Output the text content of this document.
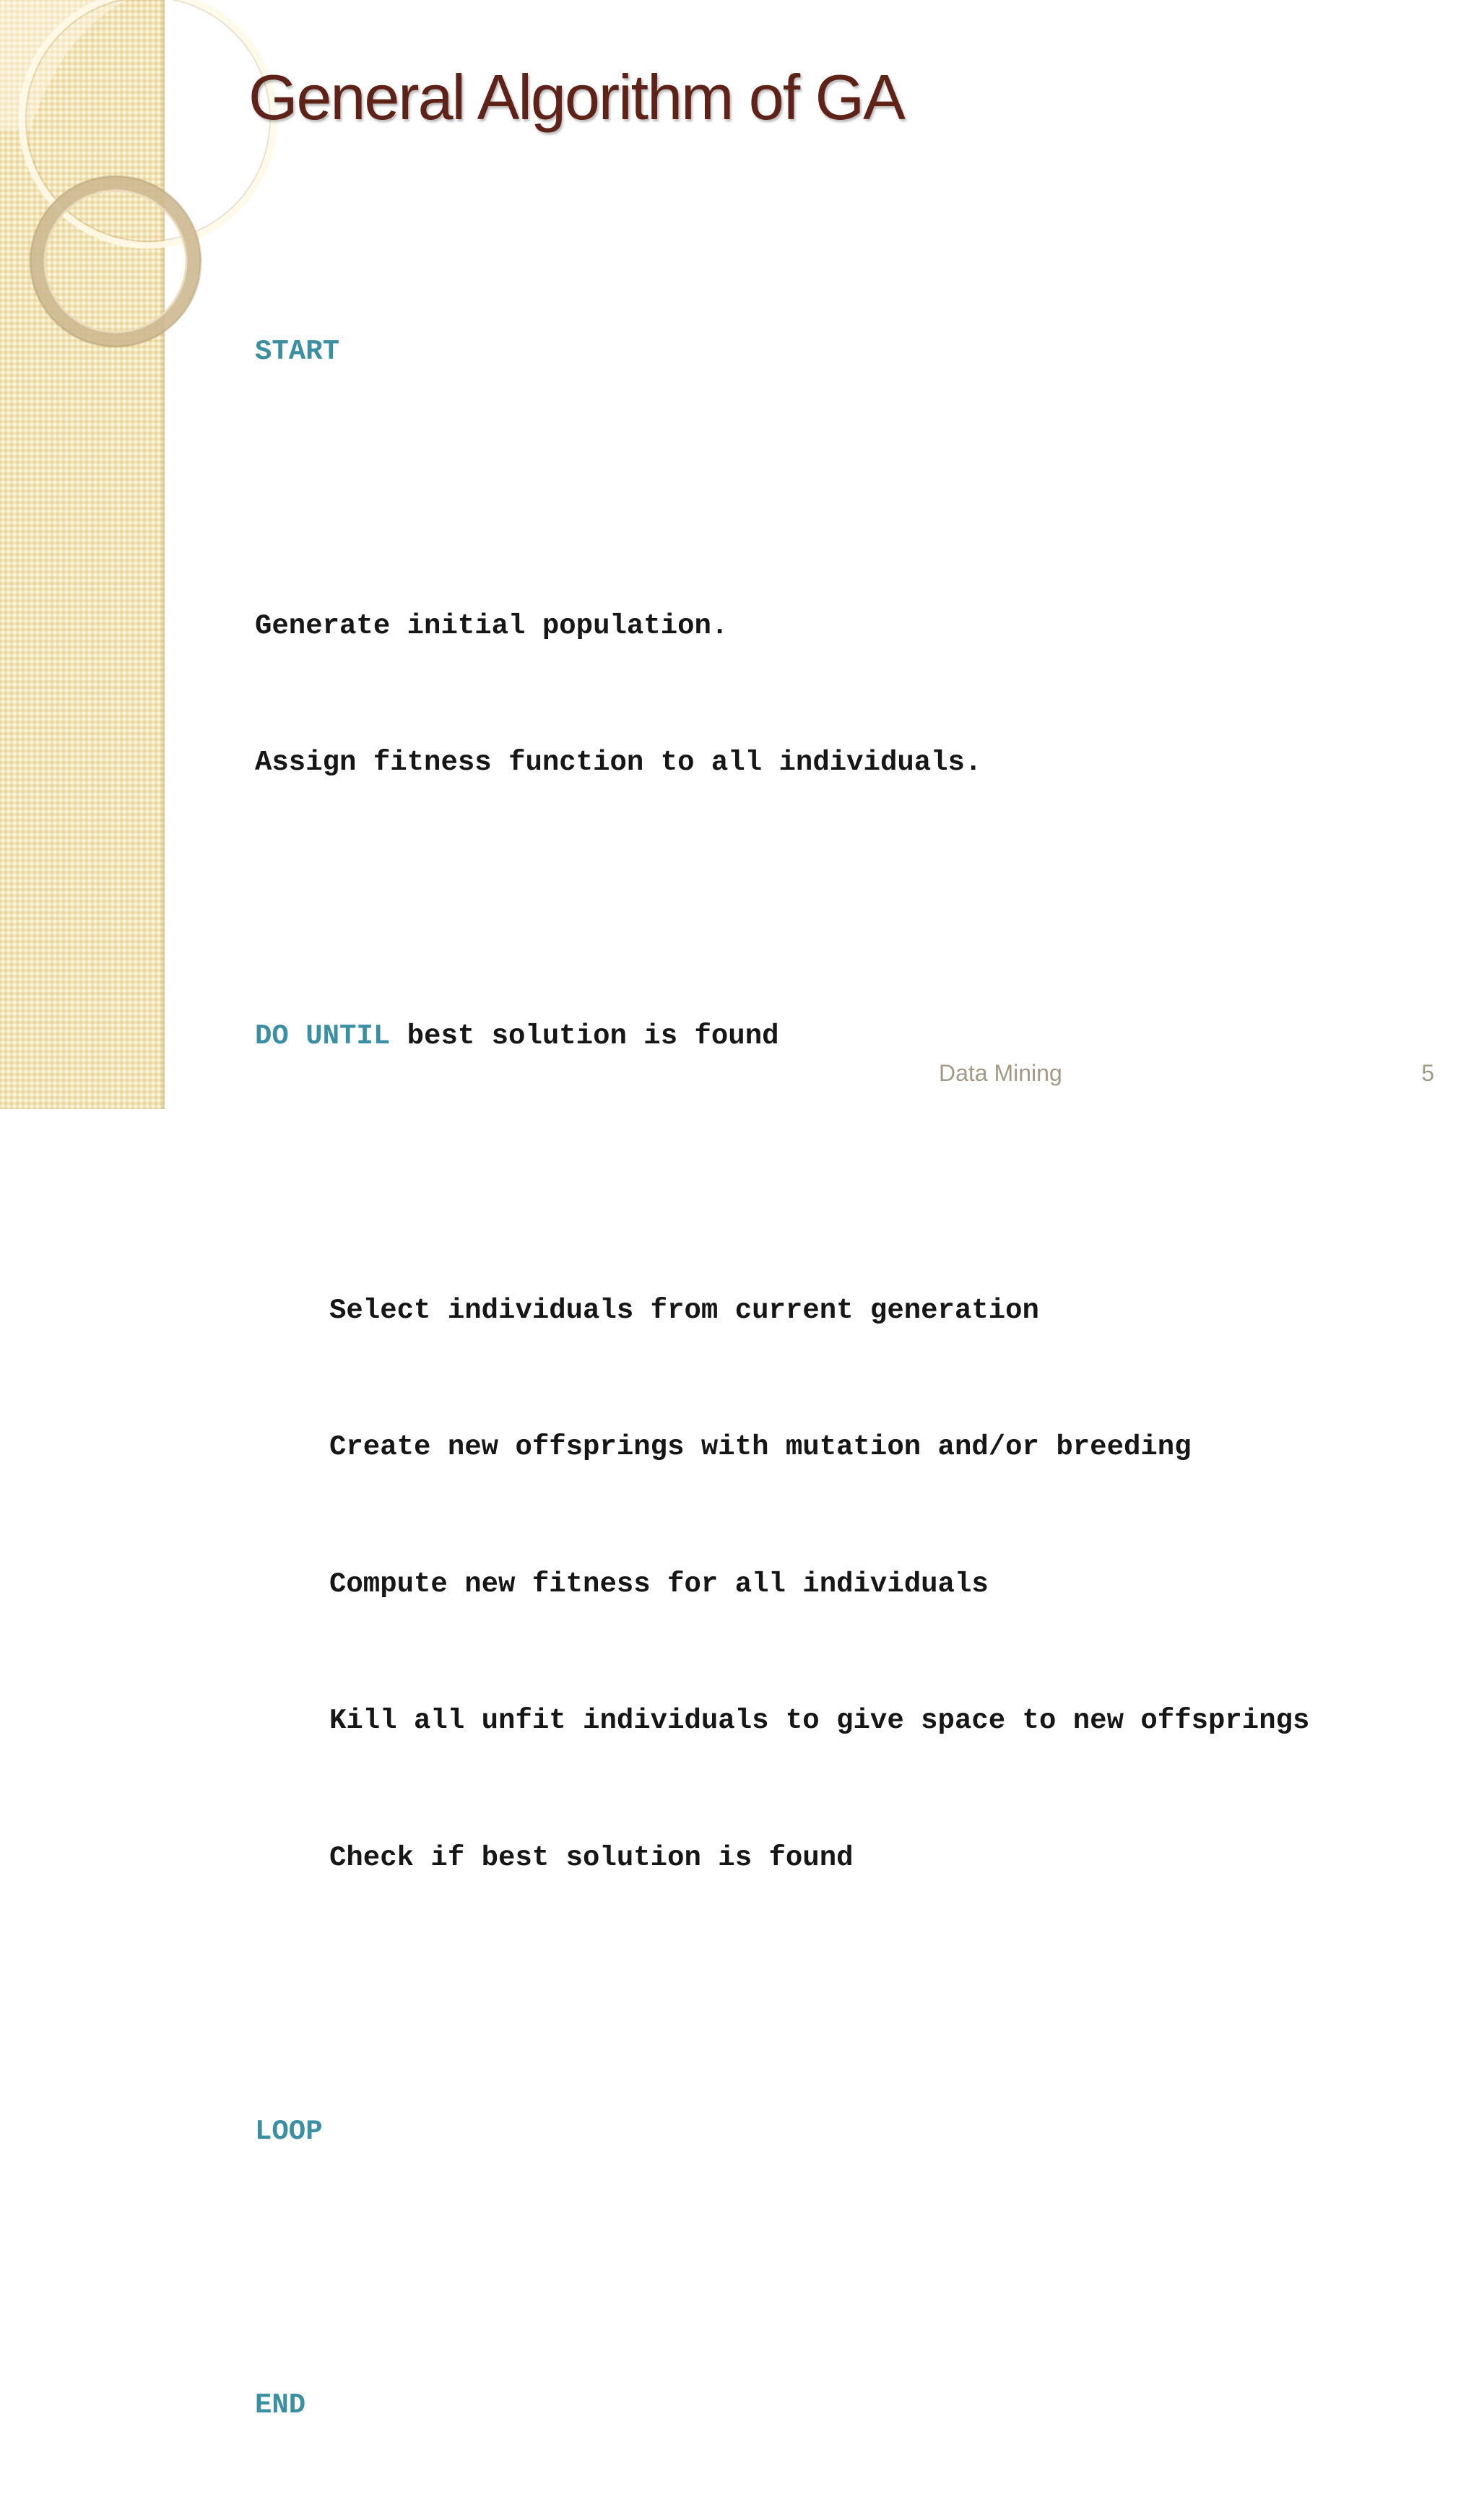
General Algorithm of GA

START

Generate initial population.

Assign fitness function to all individuals.

DO UNTIL best solution is found

Select individuals from current generation

Create new offsprings with mutation and/or breeding

Compute new fitness for all individuals

Kill all unfit individuals to give space to new offsprings

Check if best solution is found

LOOP

END

Data Mining	5
